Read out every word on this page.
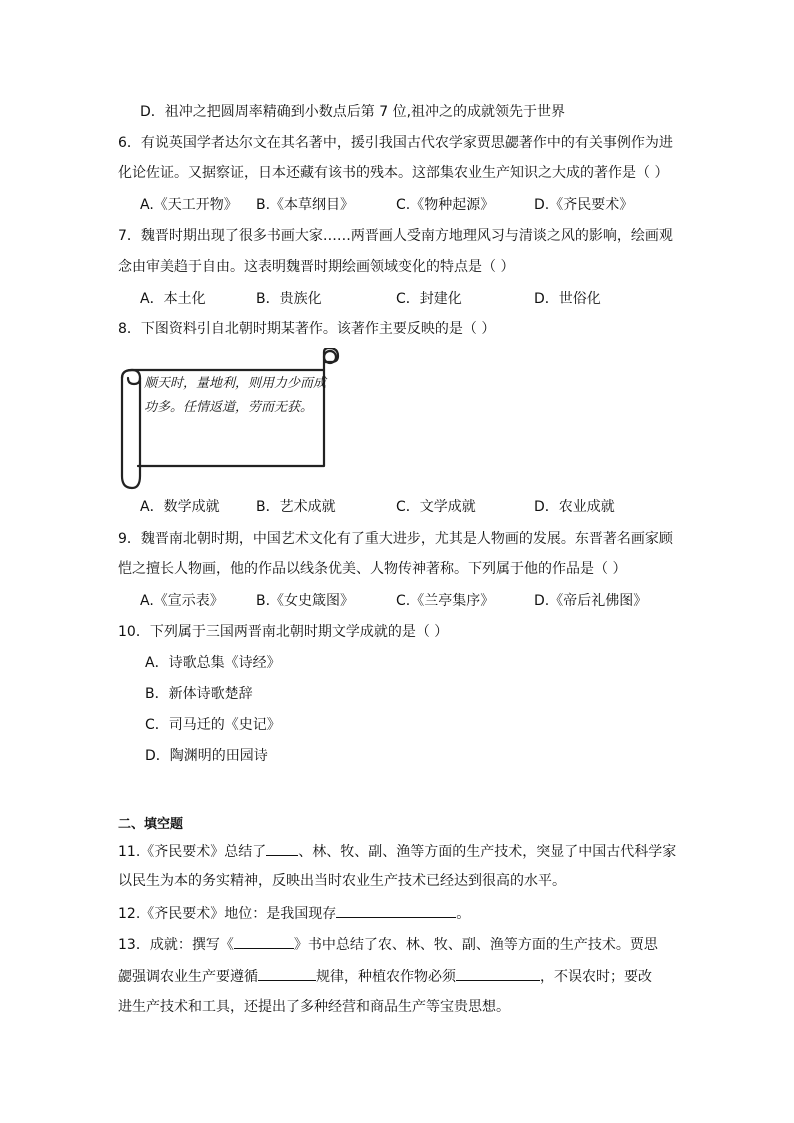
D．祖冲之把圆周率精确到小数点后第 7 位,祖冲之的成就领先于世界
6．有说英国学者达尔文在其名著中，援引我国古代农学家贾思勰著作中的有关事例作为进
化论佐证。又据察证，日本还藏有该书的残本。这部集农业生产知识之大成的著作是（ ）
A.《天工开物》 B.《本草纲目》	C.《物种起源》	D.《齐民要术》
7．魏晋时期出现了很多书画大家……两晋画人受南方地理风习与清谈之风的影响，绘画观
念由审美趋于自由。这表明魏晋时期绘画领域变化的特点是（ ）
A．本土化	B．贵族化	C．封建化	D．世俗化
8．下图资料引自北朝时期某著作。该著作主要反映的是（ ）
顺天时，量地利，则用力少而成功多。任情返道，劳而无获。
A．数学成就	B．艺术成就	C．文学成就	D．农业成就
9．魏晋南北朝时期，中国艺术文化有了重大进步，尤其是人物画的发展。东晋著名画家顾
恺之擅长人物画，他的作品以线条优美、人物传神著称。下列属于他的作品是（ ）
A.《宣示表》 B.《女史箴图》	C.《兰亭集序》	D.《帝后礼佛图》
10．下列属于三国两晋南北朝时期文学成就的是（ ）
A．诗歌总集《诗经》
B．新体诗歌楚辞
C．司马迁的《史记》
D．陶渊明的田园诗
二、填空题
11.《齐民要术》总结了 、林、牧、副、渔等方面的生产技术，突显了中国古代科学家
以民生为本的务实精神，反映出当时农业生产技术已经达到很高的水平。
12.《齐民要术》地位：是我国现存	。
13．成就：撰写《	》书中总结了农、林、牧、副、渔等方面的生产技术。贾思
勰强调农业生产要遵循	规律，种植农作物必须	，不误农时；要改
进生产技术和工具，还提出了多种经营和商品生产等宝贵思想。
